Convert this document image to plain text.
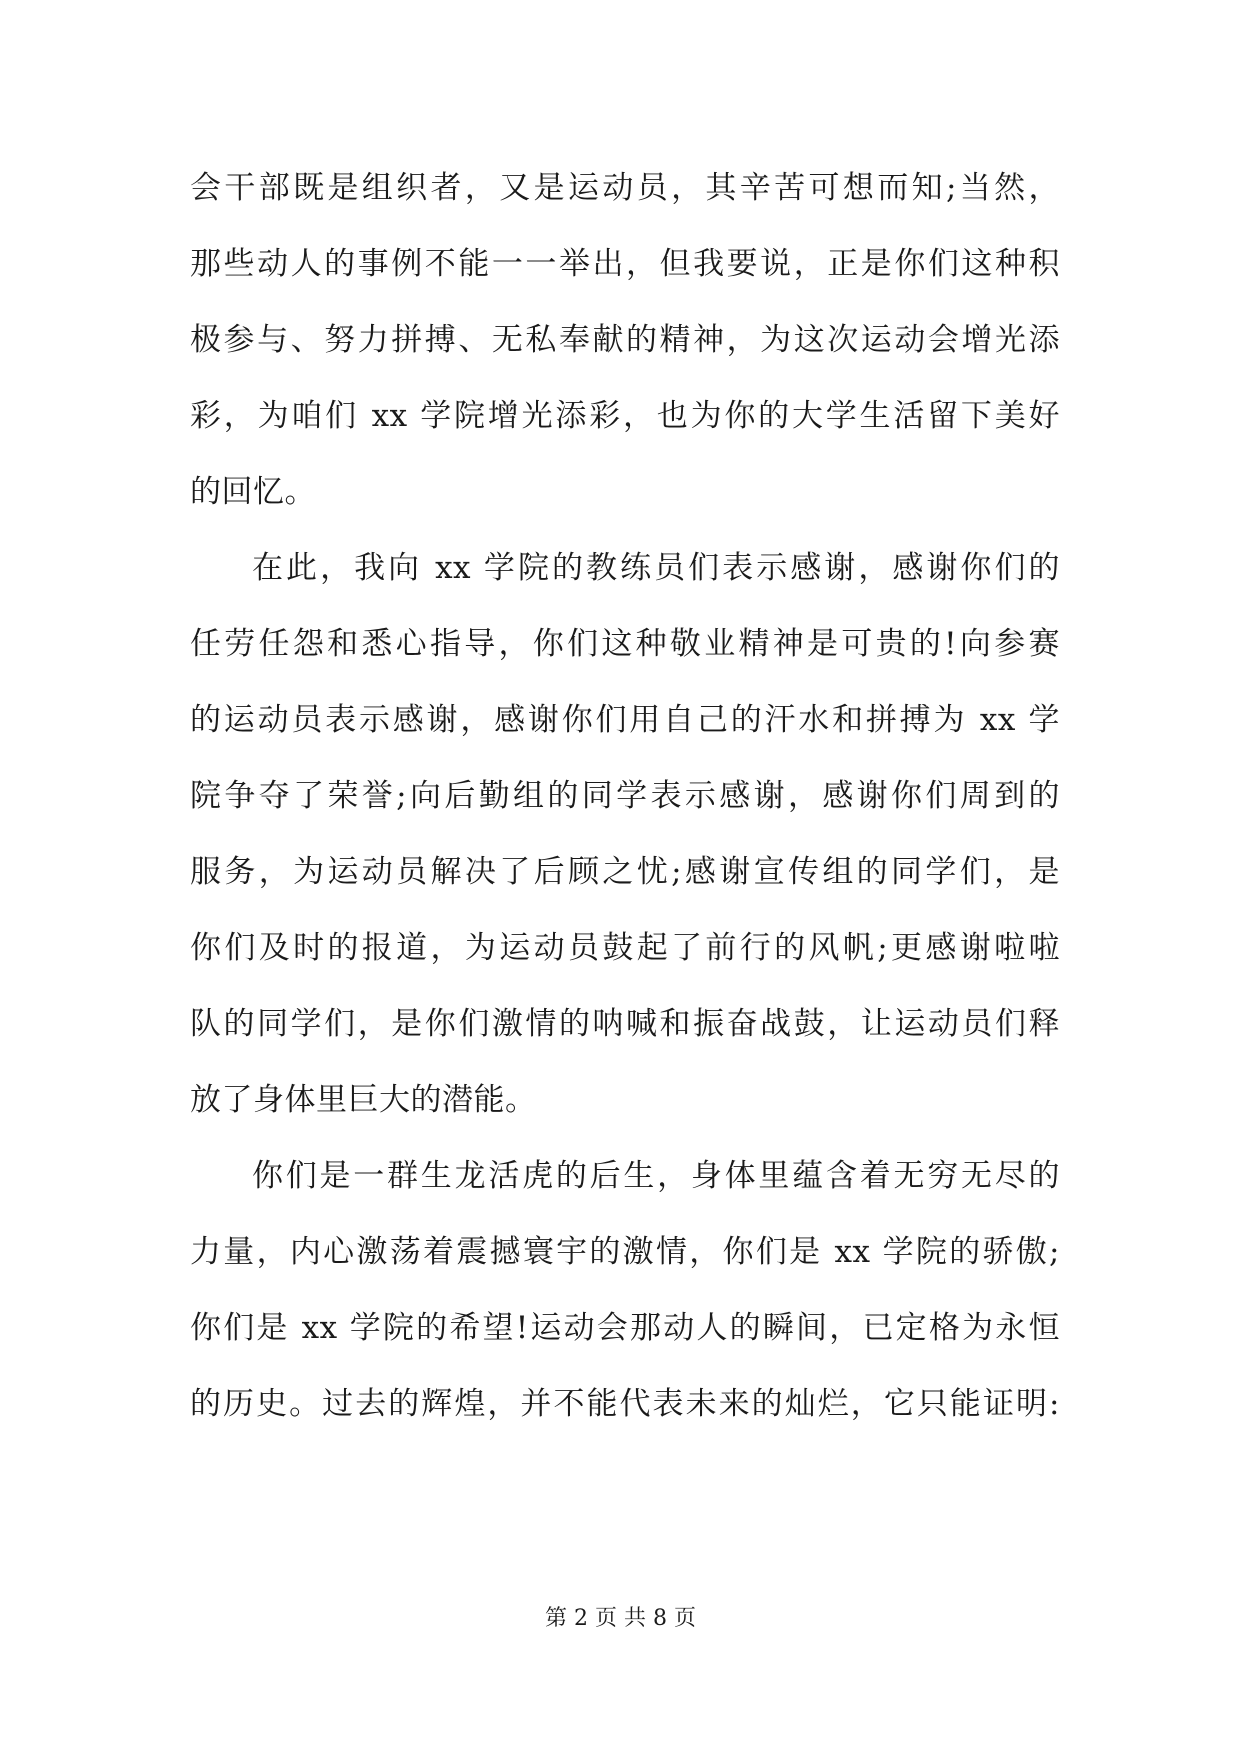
会干部既是组织者，又是运动员，其辛苦可想而知;当然，
那些动人的事例不能一一举出，但我要说，正是你们这种积
极参与、努力拼搏、无私奉献的精神，为这次运动会增光添
彩，为咱们 xx 学院增光添彩，也为你的大学生活留下美好
的回忆。
在此，我向 xx 学院的教练员们表示感谢，感谢你们的
任劳任怨和悉心指导，你们这种敬业精神是可贵的!向参赛
的运动员表示感谢，感谢你们用自己的汗水和拼搏为 xx 学
院争夺了荣誉;向后勤组的同学表示感谢，感谢你们周到的
服务，为运动员解决了后顾之忧;感谢宣传组的同学们，是
你们及时的报道，为运动员鼓起了前行的风帆;更感谢啦啦
队的同学们，是你们激情的呐喊和振奋战鼓，让运动员们释
放了身体里巨大的潜能。
你们是一群生龙活虎的后生，身体里蕴含着无穷无尽的
力量，内心激荡着震撼寰宇的激情，你们是 xx 学院的骄傲;
你们是 xx 学院的希望!运动会那动人的瞬间，已定格为永恒
的历史。过去的辉煌，并不能代表未来的灿烂，它只能证明:
第 2 页 共 8 页
